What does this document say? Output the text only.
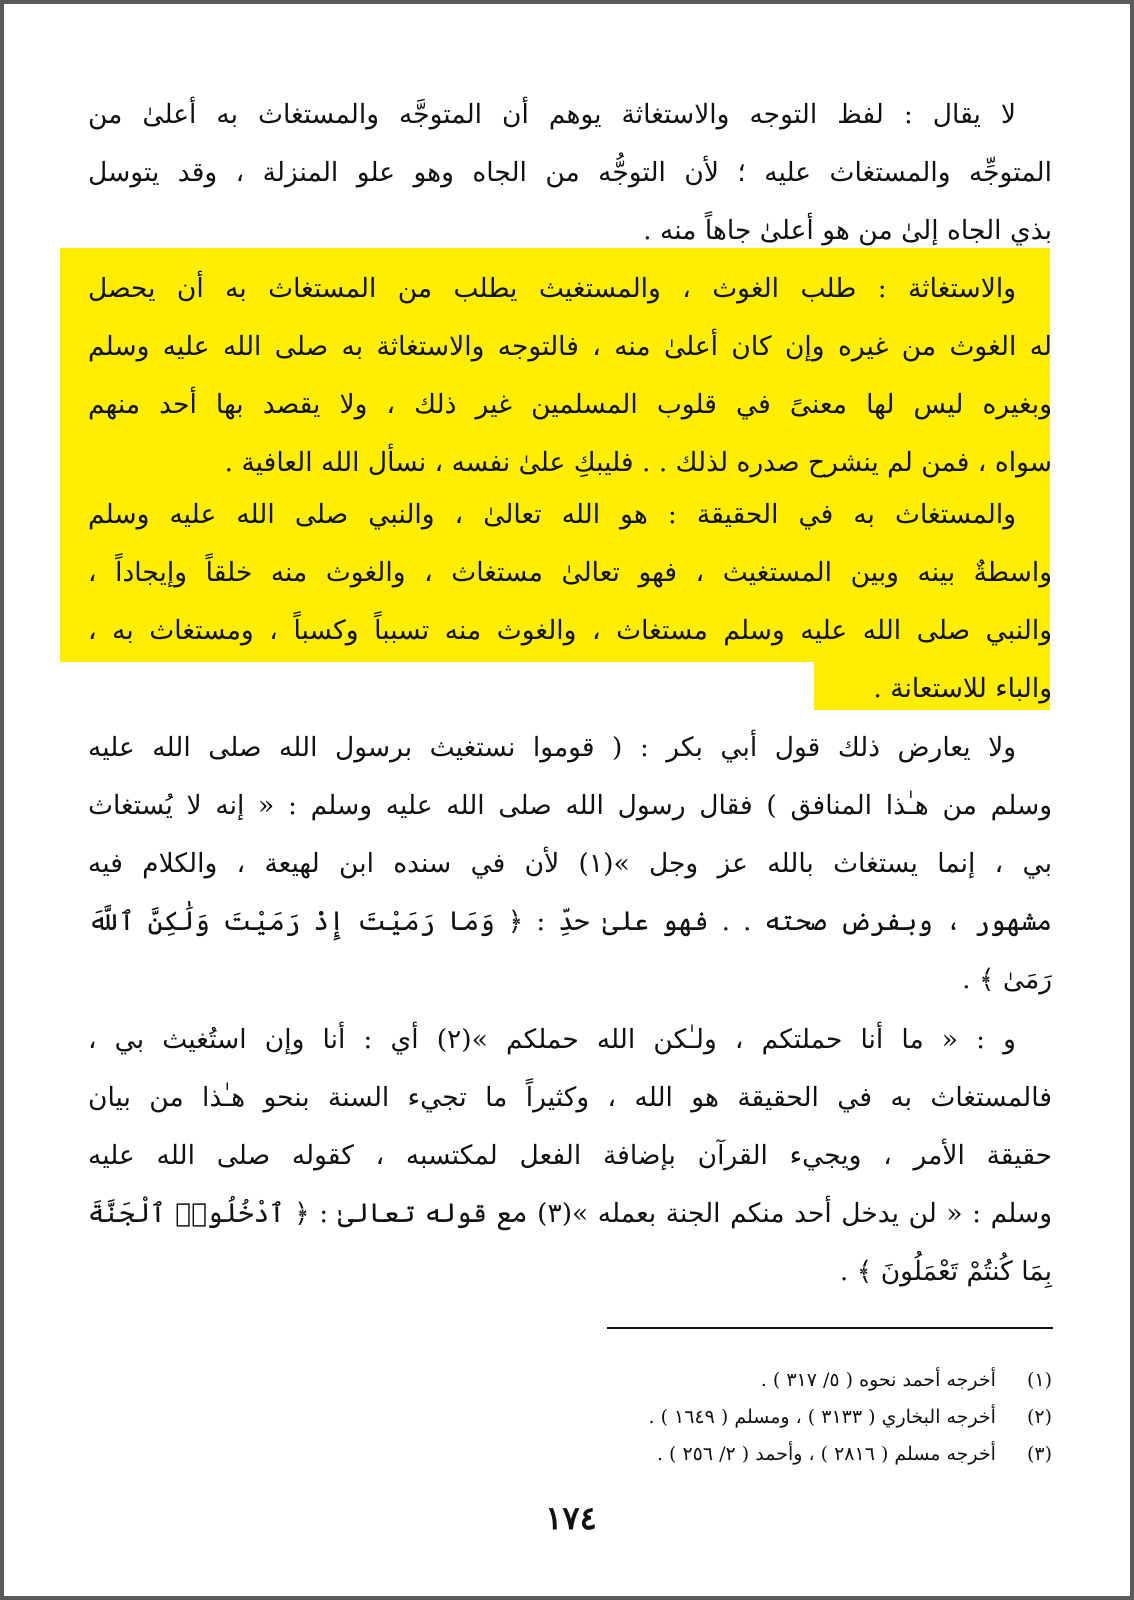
لا يقال : لفظ التوجه والاستغاثة يوهم أن المتوجَّه والمستغاث به أعلىٰ من
المتوجِّه والمستغاث عليه ؛ لأن التوجُّه من الجاه وهو علو المنزلة ، وقد يتوسل
بذي الجاه إلىٰ من هو أعلىٰ جاهاً منه .
والاستغاثة : طلب الغوث ، والمستغيث يطلب من المستغاث به أن يحصل
له الغوث من غيره وإن كان أعلىٰ منه ، فالتوجه والاستغاثة به صلى الله عليه وسلم
وبغيره ليس لها معنىً في قلوب المسلمين غير ذلك ، ولا يقصد بها أحد منهم
سواه ، فمن لم ينشرح صدره لذلك . . فليبكِ علىٰ نفسه ، نسأل الله العافية .
والمستغاث به في الحقيقة : هو الله تعالىٰ ، والنبي صلى الله عليه وسلم
واسطةٌ بينه وبين المستغيث ، فهو تعالىٰ مستغاث ، والغوث منه خلقاً وإيجاداً ،
والنبي صلى الله عليه وسلم مستغاث ، والغوث منه تسبباً وكسباً ، ومستغاث به ،
والباء للاستعانة .
ولا يعارض ذلك قول أبي بكر : ( قوموا نستغيث برسول الله صلى الله عليه
وسلم من هـٰذا المنافق ) فقال رسول الله صلى الله عليه وسلم : « إنه لا يُستغاث
بي ، إنما يستغاث بالله عز وجل »(١) لأن في سنده ابن لهيعة ، والكلام فيه
مشهور ، وبفرض صحته . . فهو علىٰ حدِّ : ﴿ وَمَا رَمَيْتَ إِذْ رَمَيْتَ وَلَٰكِنَّ ٱللَّهَ
رَمَىٰ ﴾ .
و : « ما أنا حملتكم ، ولـٰكن الله حملكم »(٢) أي : أنا وإن استُغيث بي ،
فالمستغاث به في الحقيقة هو الله ، وكثيراً ما تجيء السنة بنحو هـٰذا من بيان
حقيقة الأمر ، ويجيء القرآن بإضافة الفعل لمكتسبه ، كقوله صلى الله عليه
وسلم : « لن يدخل أحد منكم الجنة بعمله »(٣) مع قوله تعالىٰ : ﴿ ٱدْخُلُوا۟ ٱلْجَنَّةَ
بِمَا كُنتُمْ تَعْمَلُونَ ﴾ .
(١) أخرجه أحمد نحوه ( ٥/ ٣١٧ ) .
(٢) أخرجه البخاري ( ٣١٣٣ ) ، ومسلم ( ١٦٤٩ ) .
(٣) أخرجه مسلم ( ٢٨١٦ ) ، وأحمد ( ٢/ ٢٥٦ ) .
١٧٤
